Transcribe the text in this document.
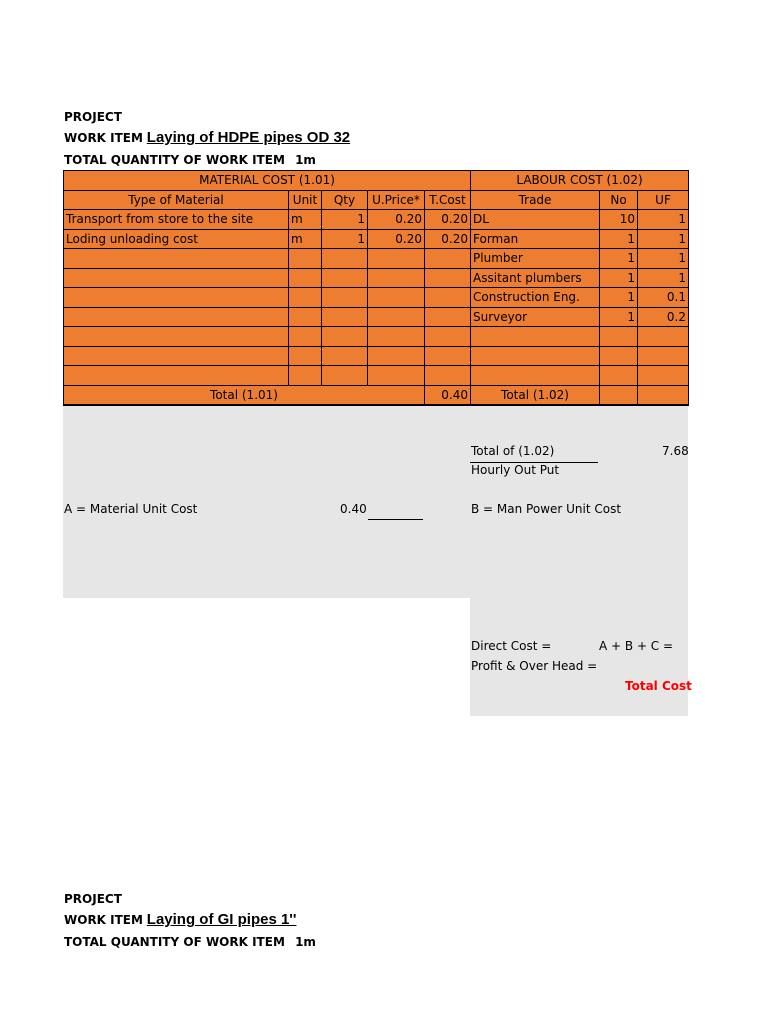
PROJECT
WORK ITEM Laying of HDPE pipes OD 32
TOTAL QUANTITY OF WORK ITEM 1m
MATERIAL COST (1.01)					LABOUR COST (1.02)		
Type of Material	Unit	Qty	U.Price*	T.Cost	Trade	No	UF
Transport from store to the site	m	1	0.20	0.20	DL	10	1
Loding unloading cost	m	1	0.20	0.20	Forman	1	1
					Plumber	1	1
					Assitant plumbers	1	1
					Construction Eng.	1	0.1
					Surveyor	1	0.2

Total (1.01)				0.40	Total (1.02)		
Total of (1.02)	7.68
Hourly Out Put
A = Material Unit Cost	0.40	B = Man Power Unit Cost
Direct Cost =	A + B + C =
Profit & Over Head =
Total Cost
PROJECT
WORK ITEM Laying of GI pipes 1''
TOTAL QUANTITY OF WORK ITEM 1m
